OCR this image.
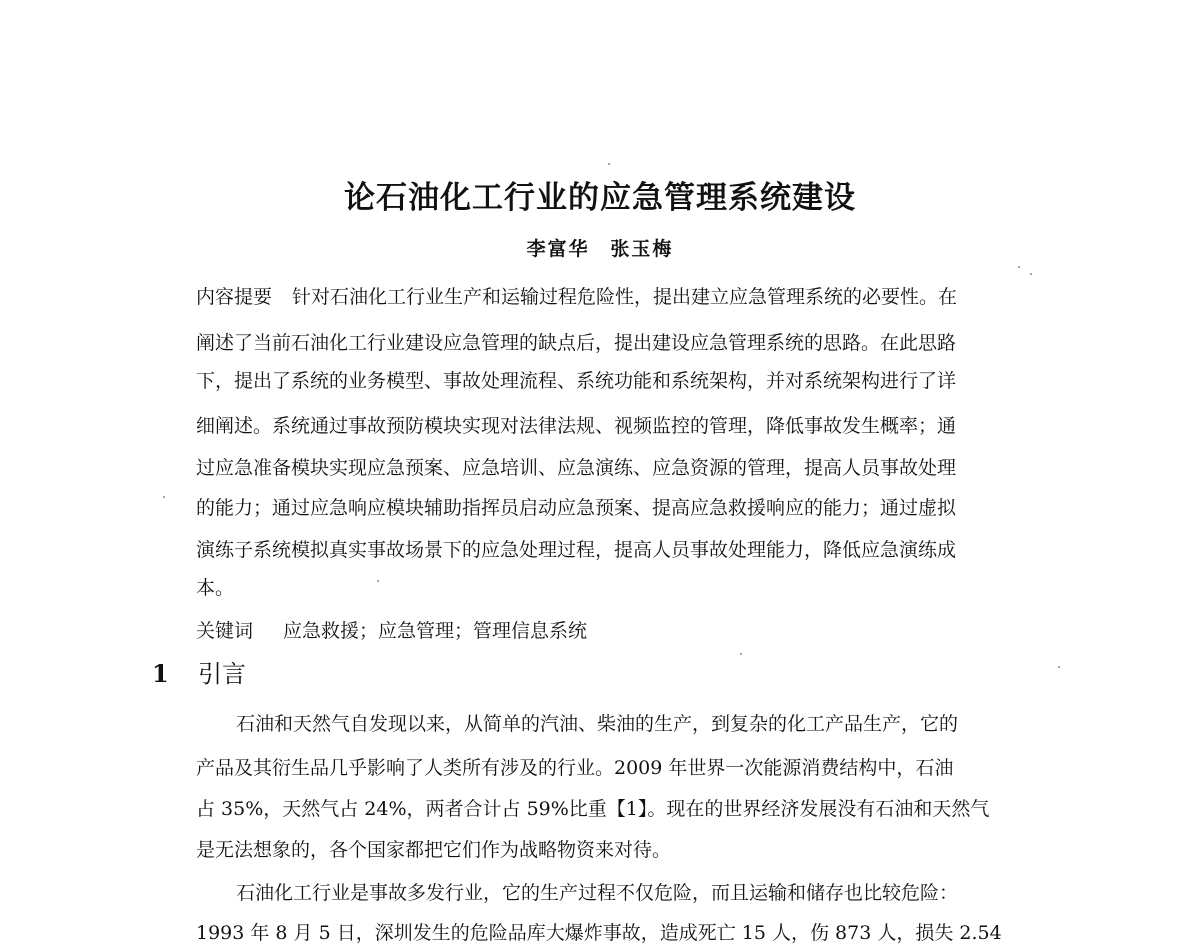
论石油化工行业的应急管理系统建设
李富华 张玉梅
内容提要 针对石油化工行业生产和运输过程危险性，提出建立应急管理系统的必要性。在
阐述了当前石油化工行业建设应急管理的缺点后，提出建设应急管理系统的思路。在此思路
下，提出了系统的业务模型、事故处理流程、系统功能和系统架构，并对系统架构进行了详
细阐述。系统通过事故预防模块实现对法律法规、视频监控的管理，降低事故发生概率；通
过应急准备模块实现应急预案、应急培训、应急演练、应急资源的管理，提高人员事故处理
的能力；通过应急响应模块辅助指挥员启动应急预案、提高应急救援响应的能力；通过虚拟
演练子系统模拟真实事故场景下的应急处理过程，提高人员事故处理能力，降低应急演练成
本。
关键词 应急救援；应急管理；管理信息系统
1 引言
石油和天然气自发现以来，从简单的汽油、柴油的生产，到复杂的化工产品生产，它的
产品及其衍生品几乎影响了人类所有涉及的行业。2009 年世界一次能源消费结构中，石油
占 35%，天然气占 24%，两者合计占 59%比重【1】。现在的世界经济发展没有石油和天然气
是无法想象的，各个国家都把它们作为战略物资来对待。
石油化工行业是事故多发行业，它的生产过程不仅危险，而且运输和储存也比较危险：
1993 年 8 月 5 日，深圳发生的危险品库大爆炸事故，造成死亡 15 人，伤 873 人，损失 2.54
